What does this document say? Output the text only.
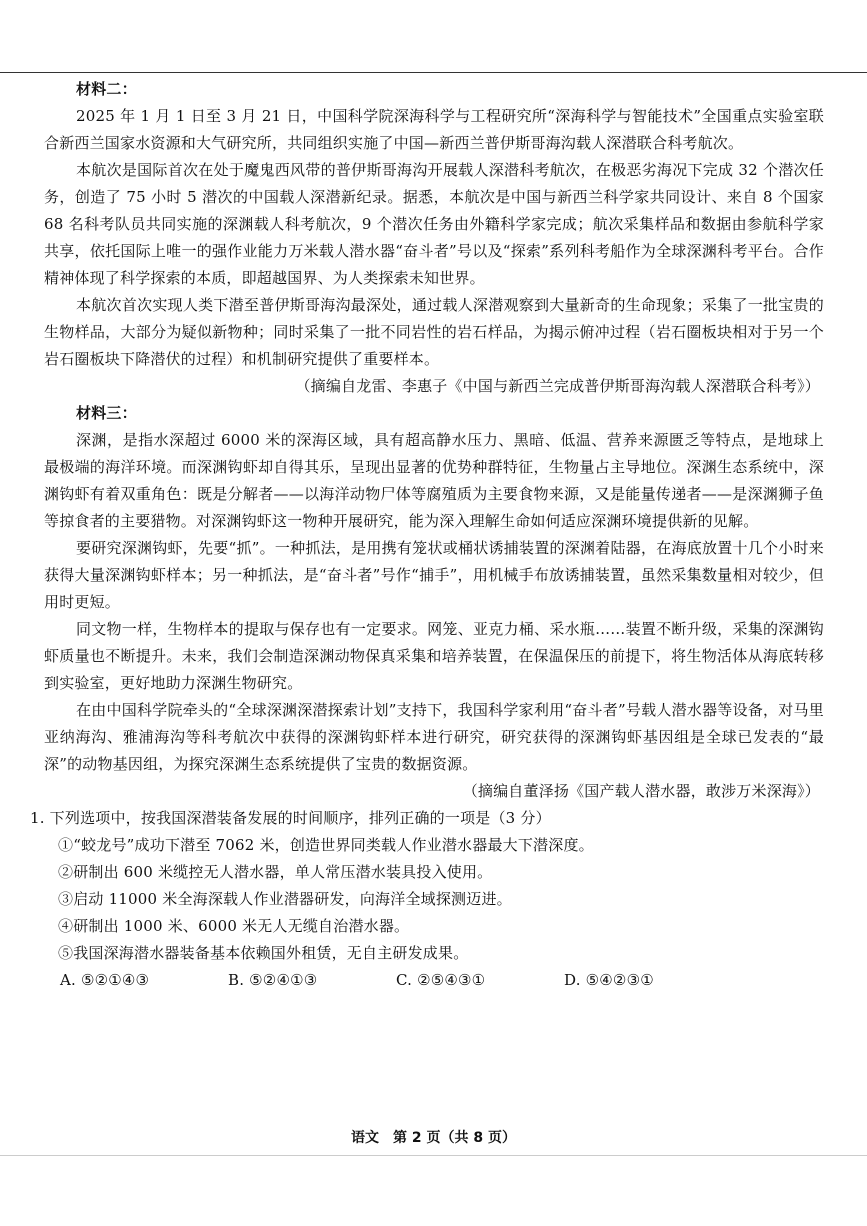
材料二：

2025 年 1 月 1 日至 3 月 21 日，中国科学院深海科学与工程研究所“深海科学与智能技术”全国重点实验室联合新西兰国家水资源和大气研究所，共同组织实施了中国—新西兰普伊斯哥海沟载人深潜联合科考航次。

本航次是国际首次在处于魔鬼西风带的普伊斯哥海沟开展载人深潜科考航次，在极恶劣海况下完成 32 个潜次任务，创造了 75 小时 5 潜次的中国载人深潜新纪录。据悉，本航次是中国与新西兰科学家共同设计、来自 8 个国家 68 名科考队员共同实施的深渊载人科考航次，9 个潜次任务由外籍科学家完成；航次采集样品和数据由参航科学家共享，依托国际上唯一的强作业能力万米载人潜水器“奋斗者”号以及“探索”系列科考船作为全球深渊科考平台。合作精神体现了科学探索的本质，即超越国界、为人类探索未知世界。

本航次首次实现人类下潜至普伊斯哥海沟最深处，通过载人深潜观察到大量新奇的生命现象；采集了一批宝贵的生物样品，大部分为疑似新物种；同时采集了一批不同岩性的岩石样品，为揭示俯冲过程（岩石圈板块相对于另一个岩石圈板块下降潜伏的过程）和机制研究提供了重要样本。

（摘编自龙雷、李惠子《中国与新西兰完成普伊斯哥海沟载人深潜联合科考》）

材料三：

深渊，是指水深超过 6000 米的深海区域，具有超高静水压力、黑暗、低温、营养来源匮乏等特点，是地球上最极端的海洋环境。而深渊钩虾却自得其乐，呈现出显著的优势种群特征，生物量占主导地位。深渊生态系统中，深渊钩虾有着双重角色：既是分解者——以海洋动物尸体等腐殖质为主要食物来源，又是能量传递者——是深渊狮子鱼等掠食者的主要猎物。对深渊钩虾这一物种开展研究，能为深入理解生命如何适应深渊环境提供新的见解。

要研究深渊钩虾，先要“抓”。一种抓法，是用携有笼状或桶状诱捕装置的深渊着陆器，在海底放置十几个小时来获得大量深渊钩虾样本；另一种抓法，是“奋斗者”号作“捕手”，用机械手布放诱捕装置，虽然采集数量相对较少，但用时更短。

同文物一样，生物样本的提取与保存也有一定要求。网笼、亚克力桶、采水瓶……装置不断升级，采集的深渊钩虾质量也不断提升。未来，我们会制造深渊动物保真采集和培养装置，在保温保压的前提下，将生物活体从海底转移到实验室，更好地助力深渊生物研究。

在由中国科学院牵头的“全球深渊深潜探索计划”支持下，我国科学家利用“奋斗者”号载人潜水器等设备，对马里亚纳海沟、雅浦海沟等科考航次中获得的深渊钩虾样本进行研究，研究获得的深渊钩虾基因组是全球已发表的“最深”的动物基因组，为探究深渊生态系统提供了宝贵的数据资源。

（摘编自董泽扬《国产载人潜水器，敢涉万米深海》）

1. 下列选项中，按我国深潜装备发展的时间顺序，排列正确的一项是（3 分）

①“蛟龙号”成功下潜至 7062 米，创造世界同类载人作业潜水器最大下潜深度。

②研制出 600 米缆控无人潜水器，单人常压潜水装具投入使用。

③启动 11000 米全海深载人作业潜器研发，向海洋全域探测迈进。

④研制出 1000 米、6000 米无人无缆自治潜水器。

⑤我国深海潜水器装备基本依赖国外租赁，无自主研发成果。

A. ⑤②①④③	B. ⑤②④①③	C. ②⑤④③①	D. ⑤④②③①
语文　第 2 页（共 8 页）
